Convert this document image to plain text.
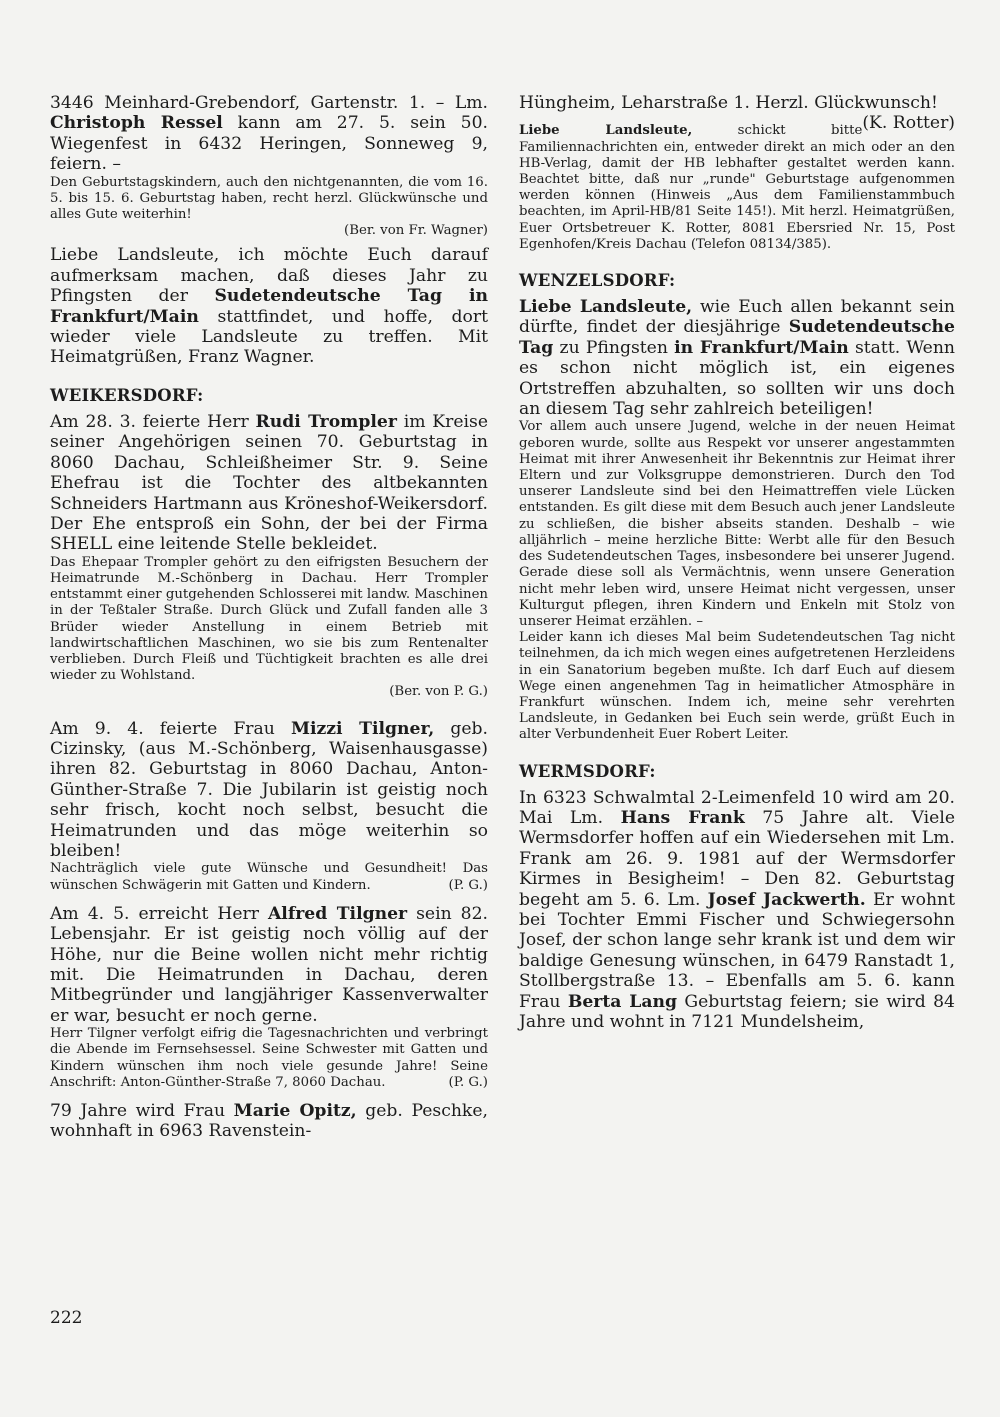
3446 Meinhard-Grebendorf, Gartenstr. 1. – Lm. Christoph Ressel kann am 27. 5. sein 50. Wiegenfest in 6432 Heringen, Sonneweg 9, feiern. –

Den Geburtstagskindern, auch den nichtgenannten, die vom 16. 5. bis 15. 6. Geburtstag haben, recht herzl. Glückwünsche und alles Gute weiterhin!

(Ber. von Fr. Wagner)

Liebe Landsleute, ich möchte Euch darauf aufmerksam machen, daß dieses Jahr zu Pfingsten der Sudetendeutsche Tag in Frankfurt/Main stattfindet, und hoffe, dort wieder viele Landsleute zu treffen. Mit Heimatgrüßen, Franz Wagner.

WEIKERSDORF:

Am 28. 3. feierte Herr Rudi Trompler im Kreise seiner Angehörigen seinen 70. Geburtstag in 8060 Dachau, Schleißheimer Str. 9. Seine Ehefrau ist die Tochter des altbekannten Schneiders Hartmann aus Kröneshof-Weikersdorf. Der Ehe entsproß ein Sohn, der bei der Firma SHELL eine leitende Stelle bekleidet.

Das Ehepaar Trompler gehört zu den eifrigsten Besuchern der Heimatrunde M.-Schönberg in Dachau. Herr Trompler entstammt einer gutgehenden Schlosserei mit landw. Maschinen in der Teßtaler Straße. Durch Glück und Zufall fanden alle 3 Brüder wieder Anstellung in einem Betrieb mit landwirtschaftlichen Maschinen, wo sie bis zum Rentenalter verblieben. Durch Fleiß und Tüchtigkeit brachten es alle drei wieder zu Wohlstand.

(Ber. von P. G.)

Am 9. 4. feierte Frau Mizzi Tilgner, geb. Cizinsky, (aus M.-Schönberg, Waisenhausgasse) ihren 82. Geburtstag in 8060 Dachau, Anton-Günther-Straße 7. Die Jubilarin ist geistig noch sehr frisch, kocht noch selbst, besucht die Heimatrunden und das möge weiterhin so bleiben!

Nachträglich viele gute Wünsche und Gesundheit! Das wünschen Schwägerin mit Gatten und Kindern.	(P. G.)

Am 4. 5. erreicht Herr Alfred Tilgner sein 82. Lebensjahr. Er ist geistig noch völlig auf der Höhe, nur die Beine wollen nicht mehr richtig mit. Die Heimatrunden in Dachau, deren Mitbegründer und langjähriger Kassenverwalter er war, besucht er noch gerne.

Herr Tilgner verfolgt eifrig die Tagesnachrichten und verbringt die Abende im Fernsehsessel. Seine Schwester mit Gatten und Kindern wünschen ihm noch viele gesunde Jahre! Seine Anschrift: Anton-Günther-Straße 7, 8060 Dachau.	(P. G.)

79 Jahre wird Frau Marie Opitz, geb. Peschke, wohnhaft in 6963 Ravenstein-

Hüngheim, Leharstraße 1. Herzl. Glückwunsch!
(K. Rotter)

Liebe Landsleute, schickt bitte Familiennachrichten ein, entweder direkt an mich oder an den HB-Verlag, damit der HB lebhafter gestaltet werden kann. Beachtet bitte, daß nur „runde" Geburtstage aufgenommen werden können (Hinweis „Aus dem Familienstammbuch beachten, im April-HB/81 Seite 145!). Mit herzl. Heimatgrüßen, Euer Ortsbetreuer K. Rotter, 8081 Ebersried Nr. 15, Post Egenhofen/Kreis Dachau (Telefon 08134/385).

WENZELSDORF:

Liebe Landsleute, wie Euch allen bekannt sein dürfte, findet der diesjährige Sudetendeutsche Tag zu Pfingsten in Frankfurt/Main statt. Wenn es schon nicht möglich ist, ein eigenes Ortstreffen abzuhalten, so sollten wir uns doch an diesem Tag sehr zahlreich beteiligen!

Vor allem auch unsere Jugend, welche in der neuen Heimat geboren wurde, sollte aus Respekt vor unserer angestammten Heimat mit ihrer Anwesenheit ihr Bekenntnis zur Heimat ihrer Eltern und zur Volksgruppe demonstrieren. Durch den Tod unserer Landsleute sind bei den Heimattreffen viele Lücken entstanden. Es gilt diese mit dem Besuch auch jener Landsleute zu schließen, die bisher abseits standen. Deshalb – wie alljährlich – meine herzliche Bitte: Werbt alle für den Besuch des Sudetendeutschen Tages, insbesondere bei unserer Jugend. Gerade diese soll als Vermächtnis, wenn unsere Generation nicht mehr leben wird, unsere Heimat nicht vergessen, unser Kulturgut pflegen, ihren Kindern und Enkeln mit Stolz von unserer Heimat erzählen. –

Leider kann ich dieses Mal beim Sudetendeutschen Tag nicht teilnehmen, da ich mich wegen eines aufgetretenen Herzleidens in ein Sanatorium begeben mußte. Ich darf Euch auf diesem Wege einen angenehmen Tag in heimatlicher Atmosphäre in Frankfurt wünschen. Indem ich, meine sehr verehrten Landsleute, in Gedanken bei Euch sein werde, grüßt Euch in alter Verbundenheit Euer Robert Leiter.

WERMSDORF:

In 6323 Schwalmtal 2-Leimenfeld 10 wird am 20. Mai Lm. Hans Frank 75 Jahre alt. Viele Wermsdorfer hoffen auf ein Wiedersehen mit Lm. Frank am 26. 9. 1981 auf der Wermsdorfer Kirmes in Besigheim! – Den 82. Geburtstag begeht am 5. 6. Lm. Josef Jackwerth. Er wohnt bei Tochter Emmi Fischer und Schwiegersohn Josef, der schon lange sehr krank ist und dem wir baldige Genesung wünschen, in 6479 Ranstadt 1, Stollbergstraße 13. – Ebenfalls am 5. 6. kann Frau Berta Lang Geburtstag feiern; sie wird 84 Jahre und wohnt in 7121 Mundelsheim,

222
